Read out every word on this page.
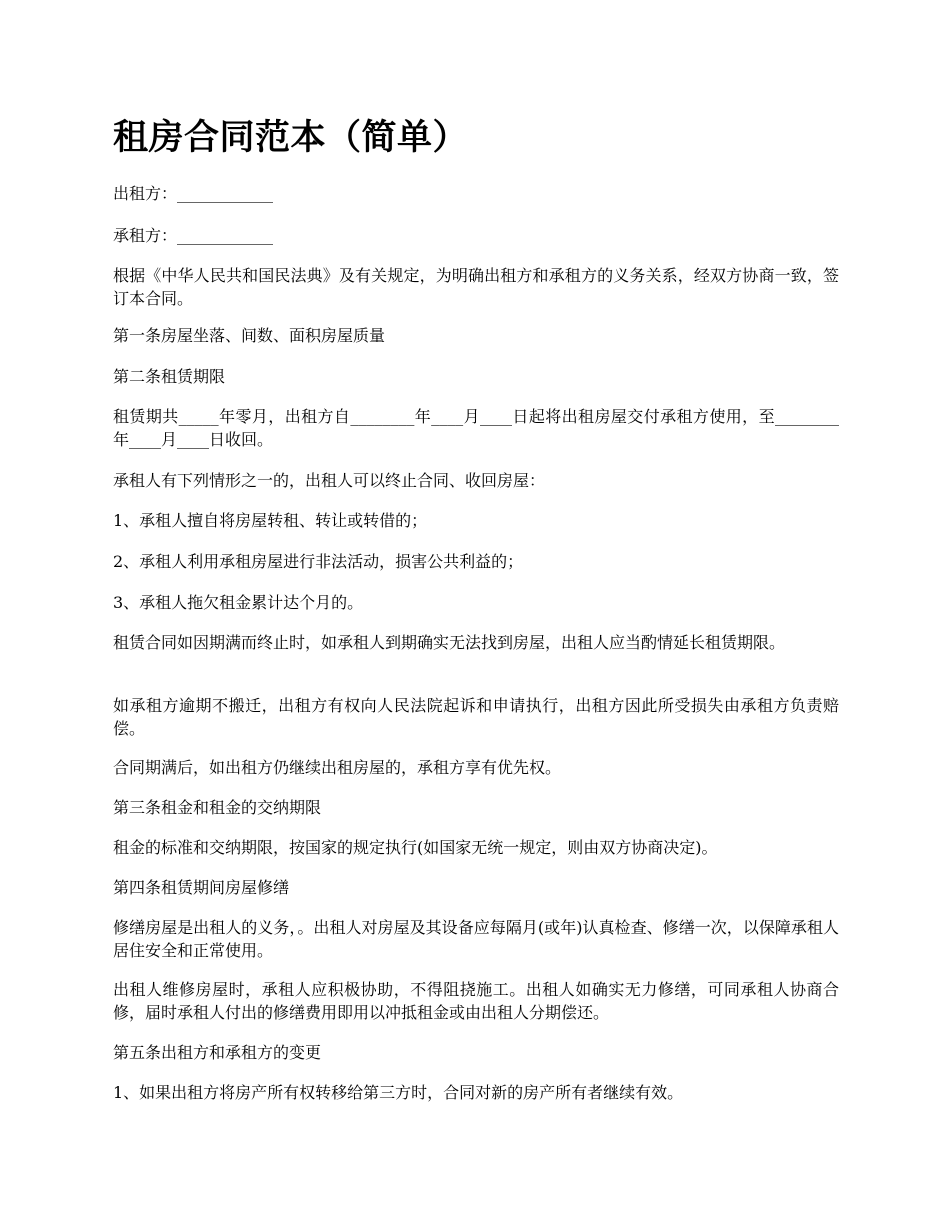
租房合同范本（简单）
出租方：____________
承租方：____________
根据《中华人民共和国民法典》及有关规定，为明确出租方和承租方的义务关系，经双方协商一致，签订本合同。
第一条房屋坐落、间数、面积房屋质量
第二条租赁期限
租赁期共_____年零月，出租方自________年____月____日起将出租房屋交付承租方使用，至________年____月____日收回。
承租人有下列情形之一的，出租人可以终止合同、收回房屋：
1、承租人擅自将房屋转租、转让或转借的；
2、承租人利用承租房屋进行非法活动，损害公共利益的；
3、承租人拖欠租金累计达个月的。
租赁合同如因期满而终止时，如承租人到期确实无法找到房屋，出租人应当酌情延长租赁期限。
如承租方逾期不搬迁，出租方有权向人民法院起诉和申请执行，出租方因此所受损失由承租方负责赔偿。
合同期满后，如出租方仍继续出租房屋的，承租方享有优先权。
第三条租金和租金的交纳期限
租金的标准和交纳期限，按国家的规定执行(如国家无统一规定，则由双方协商决定)。
第四条租赁期间房屋修缮
修缮房屋是出租人的义务，。出租人对房屋及其设备应每隔月(或年)认真检查、修缮一次，以保障承租人居住安全和正常使用。
出租人维修房屋时，承租人应积极协助，不得阻挠施工。出租人如确实无力修缮，可同承租人协商合修，届时承租人付出的修缮费用即用以冲抵租金或由出租人分期偿还。
第五条出租方和承租方的变更
1、如果出租方将房产所有权转移给第三方时，合同对新的房产所有者继续有效。
